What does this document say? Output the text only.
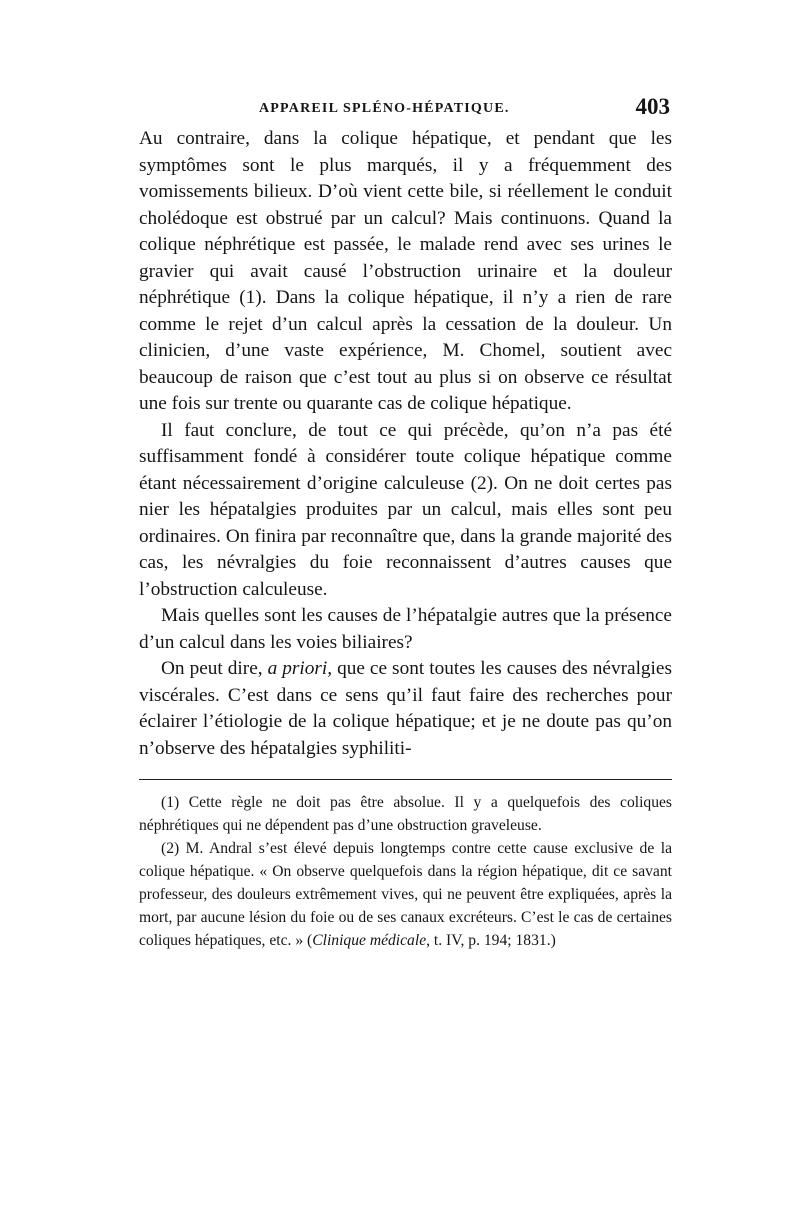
APPAREIL SPLÉNO-HÉPATIQUE.	403

Au contraire, dans la colique hépatique, et pendant que les symptômes sont le plus marqués, il y a fréquemment des vomissements bilieux. D’où vient cette bile, si réellement le conduit cholédoque est obstrué par un calcul? Mais continuons. Quand la colique néphrétique est passée, le malade rend avec ses urines le gravier qui avait causé l’obstruction urinaire et la douleur néphrétique (1). Dans la colique hépatique, il n’y a rien de rare comme le rejet d’un calcul après la cessation de la douleur. Un clinicien, d’une vaste expérience, M. Chomel, soutient avec beaucoup de raison que c’est tout au plus si on observe ce résultat une fois sur trente ou quarante cas de colique hépatique.

Il faut conclure, de tout ce qui précède, qu’on n’a pas été suffisamment fondé à considérer toute colique hépatique comme étant nécessairement d’origine calculeuse (2). On ne doit certes pas nier les hépatalgies produites par un calcul, mais elles sont peu ordinaires. On finira par reconnaître que, dans la grande majorité des cas, les névralgies du foie reconnaissent d’autres causes que l’obstruction calculeuse.

Mais quelles sont les causes de l’hépatalgie autres que la présence d’un calcul dans les voies biliaires?

On peut dire, a priori, que ce sont toutes les causes des névralgies viscérales. C’est dans ce sens qu’il faut faire des recherches pour éclairer l’étiologie de la colique hépatique; et je ne doute pas qu’on n’observe des hépatalgies syphiliti-

(1) Cette règle ne doit pas être absolue. Il y a quelquefois des coliques néphrétiques qui ne dépendent pas d’une obstruction graveleuse.

(2) M. Andral s’est élevé depuis longtemps contre cette cause exclusive de la colique hépatique. « On observe quelquefois dans la région hépatique, dit ce savant professeur, des douleurs extrêmement vives, qui ne peuvent être expliquées, après la mort, par aucune lésion du foie ou de ses canaux excréteurs. C’est le cas de certaines coliques hépatiques, etc. » (Clinique médicale, t. IV, p. 194; 1831.)
